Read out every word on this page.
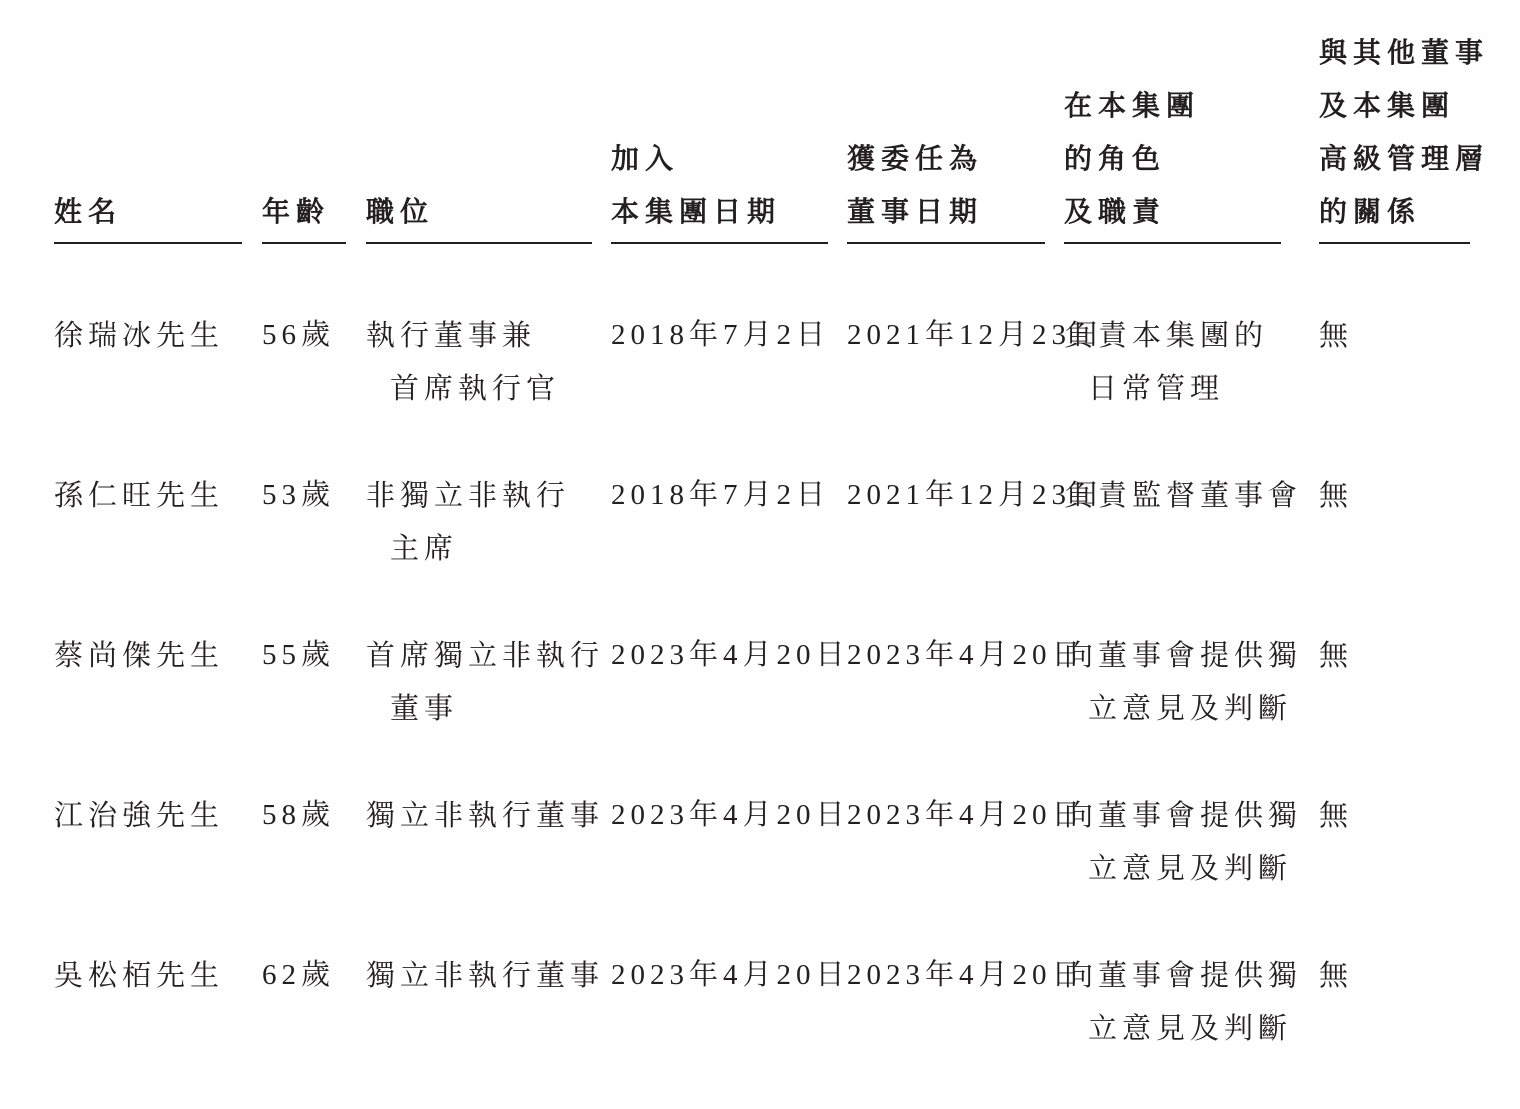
姓名	年齡	職位
加入
本集團日期
獲委任為
董事日期
在本集團
的角色
及職責
與其他董事
及本集團
高級管理層
的關係
徐瑞冰先生 56歲 執行董事兼
首席執行官
2018年7月2日 2021年12月23日
負責本集團的
日常管理
無
孫仁旺先生 53歲 非獨立非執行
主席
2018年7月2日 2021年12月23日
負責監督董事會 無
蔡尚傑先生 55歲 首席獨立非執行
董事
2023年4月20日
2023年4月20日
向董事會提供獨
立意見及判斷
無
江治強先生 58歲 獨立非執行董事 2023年4月20日
2023年4月20日
向董事會提供獨
立意見及判斷
無
吳松栢先生 62歲 獨立非執行董事 2023年4月20日
2023年4月20日
向董事會提供獨
立意見及判斷
無
